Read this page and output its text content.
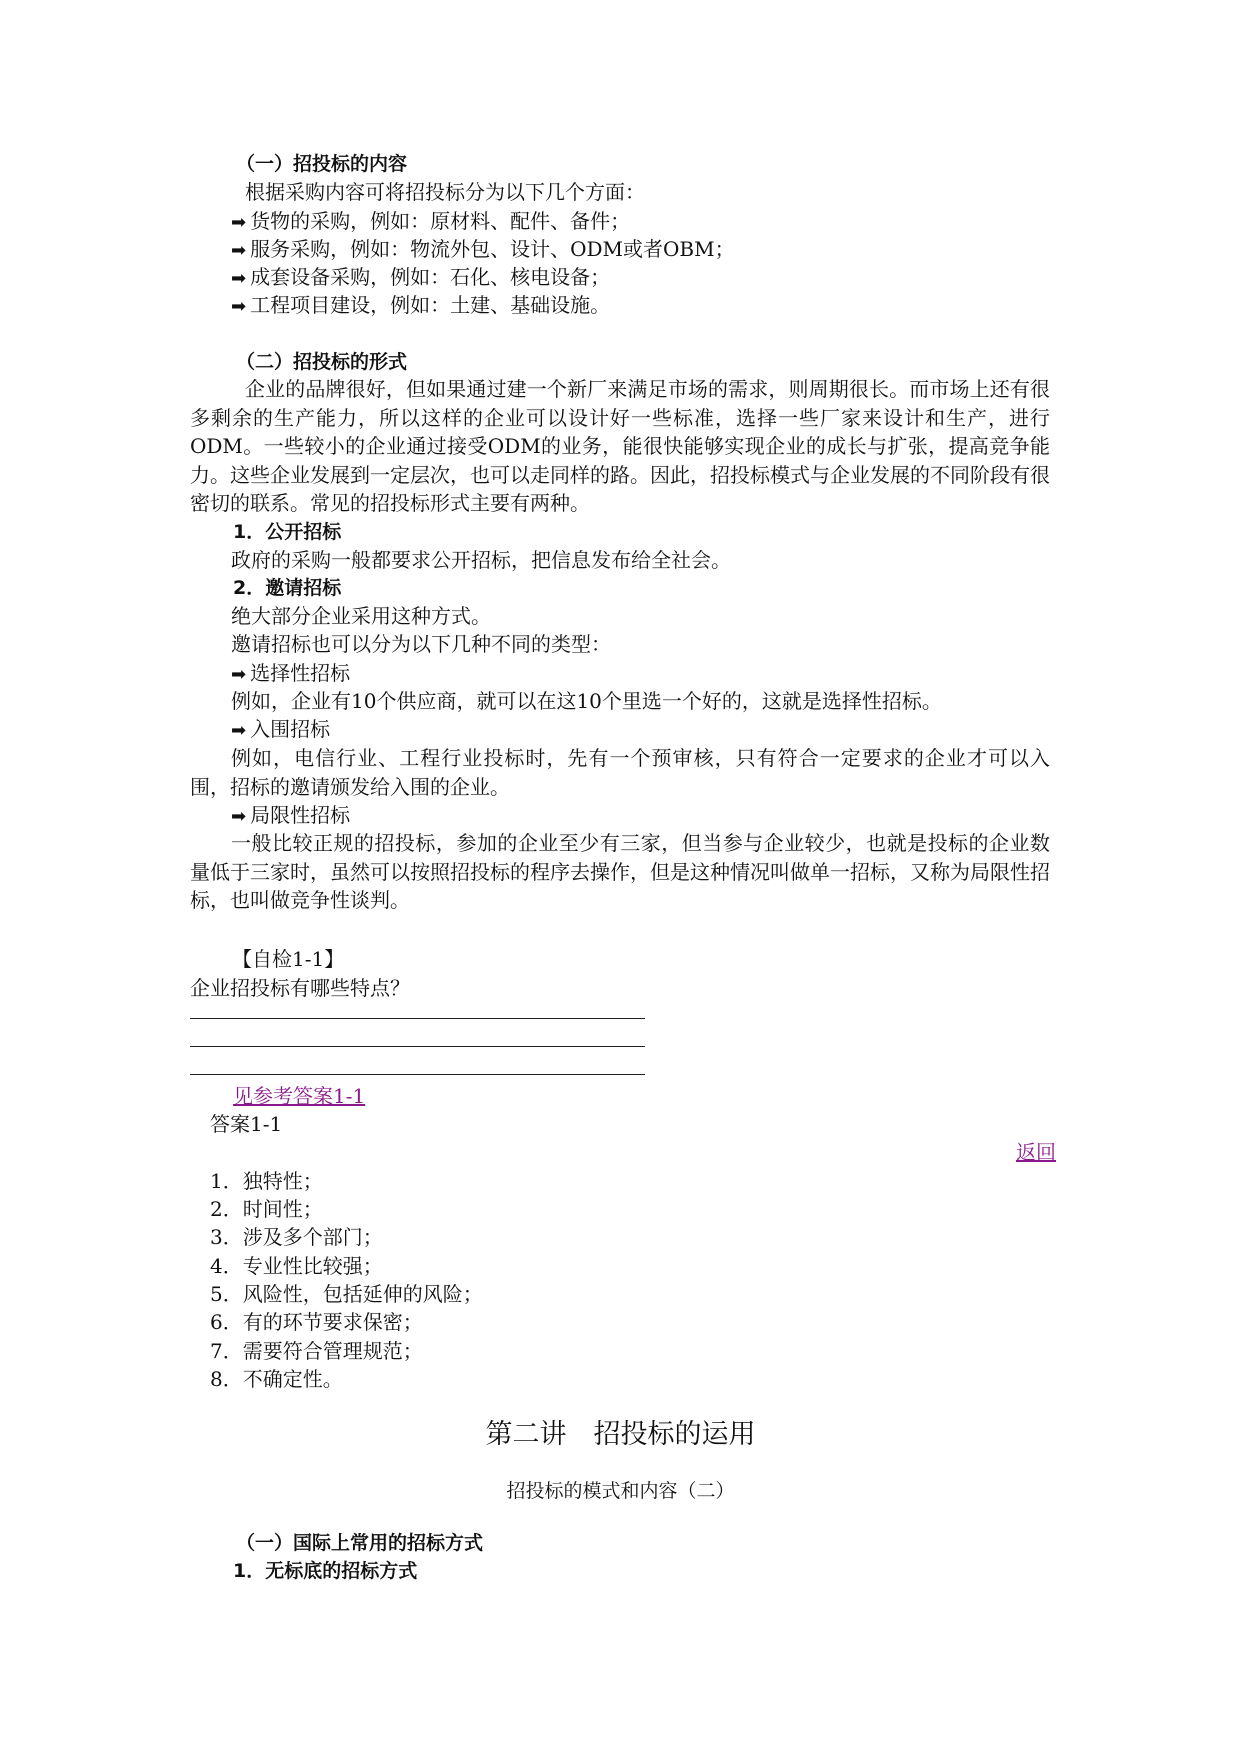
（一）招投标的内容
根据采购内容可将招投标分为以下几个方面：
➡ 货物的采购，例如：原材料、配件、备件；
➡ 服务采购，例如：物流外包、设计、ODM或者OBM；
➡ 成套设备采购，例如：石化、核电设备；
➡ 工程项目建设，例如：土建、基础设施。
（二）招投标的形式
企业的品牌很好，但如果通过建一个新厂来满足市场的需求，则周期很长。而市场上还有很多剩余的生产能力，所以这样的企业可以设计好一些标准，选择一些厂家来设计和生产，进行ODM。一些较小的企业通过接受ODM的业务，能很快能够实现企业的成长与扩张，提高竞争能力。这些企业发展到一定层次，也可以走同样的路。因此，招投标模式与企业发展的不同阶段有很密切的联系。常见的招投标形式主要有两种。
1．公开招标
政府的采购一般都要求公开招标，把信息发布给全社会。
2．邀请招标
绝大部分企业采用这种方式。
邀请招标也可以分为以下几种不同的类型：
➡ 选择性招标
例如，企业有10个供应商，就可以在这10个里选一个好的，这就是选择性招标。
➡ 入围招标
例如，电信行业、工程行业投标时，先有一个预审核，只有符合一定要求的企业才可以入围，招标的邀请颁发给入围的企业。
➡ 局限性招标
一般比较正规的招投标，参加的企业至少有三家，但当参与企业较少，也就是投标的企业数量低于三家时，虽然可以按照招投标的程序去操作，但是这种情况叫做单一招标，又称为局限性招标，也叫做竞争性谈判。
【自检1-1】
企业招投标有哪些特点？
见参考答案1-1
答案1-1
返回
1．独特性；
2．时间性；
3．涉及多个部门；
4．专业性比较强；
5．风险性，包括延伸的风险；
6．有的环节要求保密；
7．需要符合管理规范；
8．不确定性。
第二讲　招投标的运用
招投标的模式和内容（二）
（一）国际上常用的招标方式
1．无标底的招标方式
